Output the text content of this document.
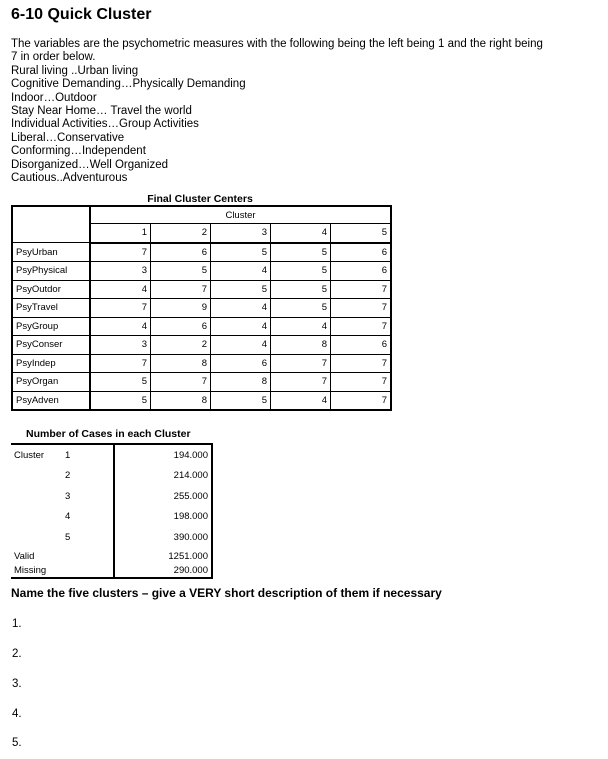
6-10 Quick Cluster
The variables are the psychometric measures with the following being the left being 1 and the right being
7 in order below.
Rural living ..Urban living
Cognitive Demanding…Physically Demanding
Indoor…Outdoor
Stay Near Home… Travel the world
Individual Activities…Group Activities
Liberal…Conservative
Conforming…Independent
Disorganized…Well Organized
Cautious..Adventurous
Final Cluster Centers
	Cluster				
	1	2	3	4	5
PsyUrban	7	6	5	5	6
PsyPhysical	3	5	4	5	6
PsyOutdor	4	7	5	5	7
PsyTravel	7	9	4	5	7
PsyGroup	4	6	4	4	7
PsyConser	3	2	4	8	6
PsyIndep	7	8	6	7	7
PsyOrgan	5	7	8	7	7
PsyAdven	5	8	5	4	7
Number of Cases in each Cluster
Cluster	1	194.000
	2	214.000
	3	255.000
	4	198.000
	5	390.000
Valid		1251.000
Missing		290.000
Name the five clusters – give a VERY short description of them if necessary
1.
2.
3.
4.
5.
